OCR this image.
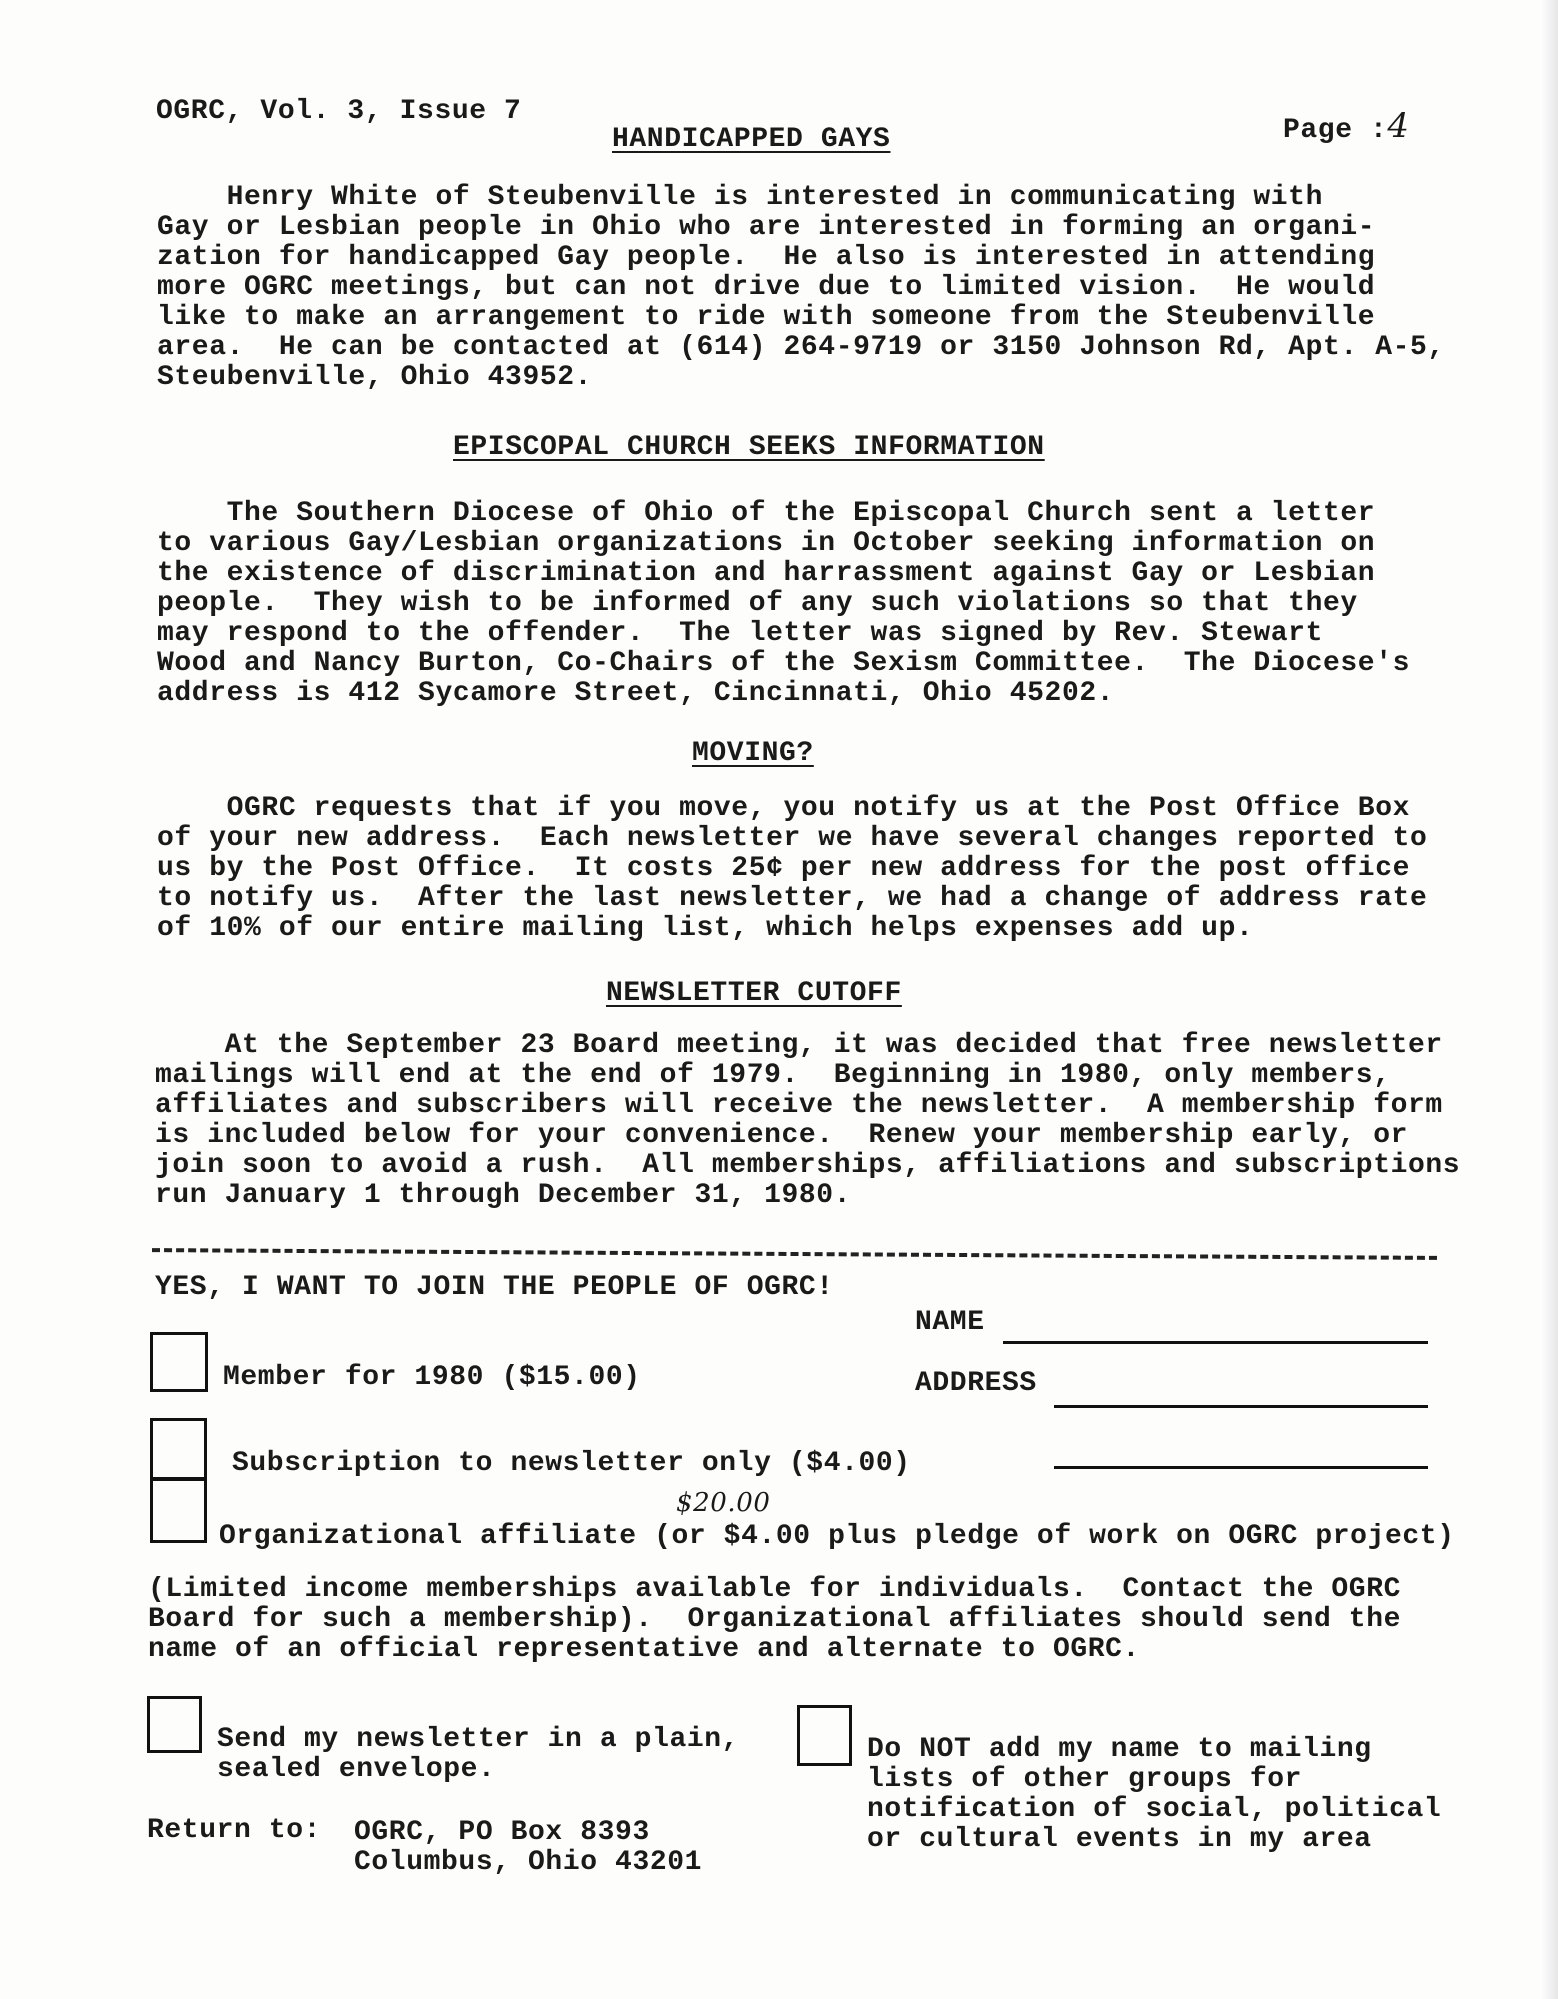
OGRC, Vol. 3, Issue 7
Page :4
HANDICAPPED GAYS
Henry White of Steubenville is interested in communicating with
Gay or Lesbian people in Ohio who are interested in forming an organi-
zation for handicapped Gay people.  He also is interested in attending
more OGRC meetings, but can not drive due to limited vision.  He would
like to make an arrangement to ride with someone from the Steubenville
area.  He can be contacted at (614) 264-9719 or 3150 Johnson Rd, Apt. A-5,
Steubenville, Ohio 43952.
EPISCOPAL CHURCH SEEKS INFORMATION
The Southern Diocese of Ohio of the Episcopal Church sent a letter
to various Gay/Lesbian organizations in October seeking information on
the existence of discrimination and harrassment against Gay or Lesbian
people.  They wish to be informed of any such violations so that they
may respond to the offender.  The letter was signed by Rev. Stewart
Wood and Nancy Burton, Co-Chairs of the Sexism Committee.  The Diocese's
address is 412 Sycamore Street, Cincinnati, Ohio 45202.
MOVING?
OGRC requests that if you move, you notify us at the Post Office Box
of your new address.  Each newsletter we have several changes reported to
us by the Post Office.  It costs 25¢ per new address for the post office
to notify us.  After the last newsletter, we had a change of address rate
of 10% of our entire mailing list, which helps expenses add up.
NEWSLETTER CUTOFF
At the September 23 Board meeting, it was decided that free newsletter
mailings will end at the end of 1979.  Beginning in 1980, only members,
affiliates and subscribers will receive the newsletter.  A membership form
is included below for your convenience.  Renew your membership early, or
join soon to avoid a rush.  All memberships, affiliations and subscriptions
run January 1 through December 31, 1980.
YES, I WANT TO JOIN THE PEOPLE OF OGRC!
NAME
ADDRESS
Member for 1980 ($15.00)
Subscription to newsletter only ($4.00)
$20.00
Organizational affiliate (or $4.00 plus pledge of work on OGRC project)
(Limited income memberships available for individuals.  Contact the OGRC
Board for such a membership).  Organizational affiliates should send the
name of an official representative and alternate to OGRC.
Send my newsletter in a plain,
sealed envelope.
Do NOT add my name to mailing
lists of other groups for
notification of social, political
or cultural events in my area
Return to: OGRC, PO Box 8393
Columbus, Ohio 43201
